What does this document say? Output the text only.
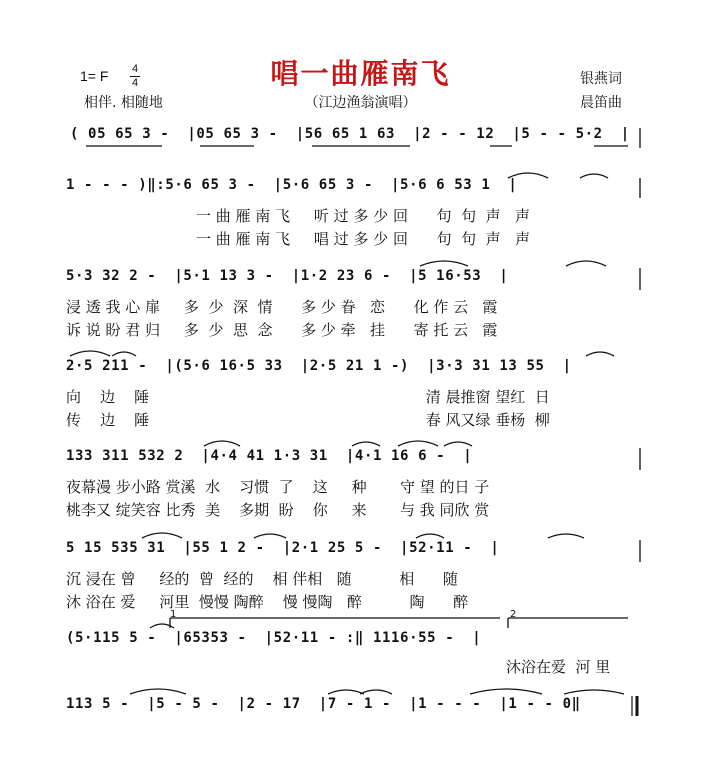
唱一曲雁南飞
（江边渔翁演唱）
1= F 4
4
相伴. 相随地
银燕词
晨笛曲
( 05 65 3 -  |05 65 3 -  |56 65 1 63  |2 - - 12  |5 - - 5·2  |
1 - - - )‖:5·6 65 3 -  |5·6 65 3 -  |5·6 6 53 1  |
一 曲 雁 南 飞     听 过 多 少 回      句  句  声   声
一 曲 雁 南 飞     唱 过 多 少 回      句  句  声   声
5·3 32 2 -  |5·1 13 3 -  |1·2 23 6 -  |5 16·53  |
浸 透 我 心 扉     多  少  深  情      多 少 眷   恋      化 作 云   霞
诉 说 盼 君 归     多  少  思  念      多 少 牵   挂      寄 托 云   霞
2·5 211 -  |(5·6 16·5 33  |2·5 21 1 -)  |3·3 31 13 55  |
向    边    陲                                                          清 晨推窗 望红  日
传    边    陲                                                          春 风又绿 垂杨  柳
133 311 532 2  |4·4 41 1·3 31  |4·1 16 6 -  |
夜幕漫 步小路 赏溪  水    习惯  了    这     种       守 望 的日 子
桃李又 绽笑容 比秀  美    多期  盼    你     来       与 我 同欣 赏
5 15 535 31  |55 1 2 -  |2·1 25 5 -  |52·11 -  |
沉 浸在 曾     经的  曾  经的    相 伴相   随          相      随
沐 浴在 爱     河里  慢慢 陶醉    慢 慢陶   醉          陶      醉
1	2
(5·115 5 -  |65353 -  |52·11 - :‖ 1116·55 -  |
沐浴在爱  河 里
113 5 -  |5 - 5 -  |2 - 17  |7 - 1 -  |1 - - -  |1 - - 0‖
